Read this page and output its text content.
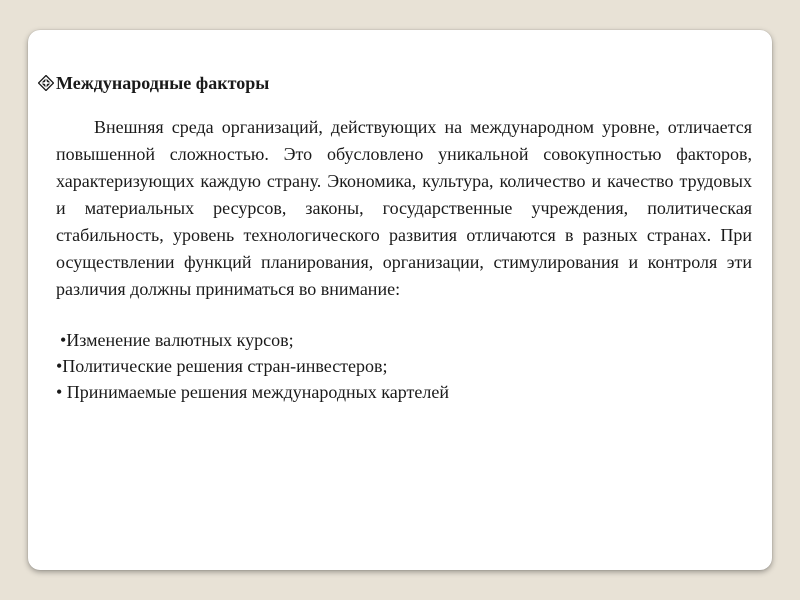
Международные факторы

Внешняя среда организаций, действующих на международном уровне, отличается повышенной сложностью. Это обусловлено уникальной совокупностью факторов, характеризующих каждую страну. Экономика, культура, количество и качество трудовых и материальных ресурсов, законы, государственные учреждения, политическая стабильность, уровень технологического развития отличаются в разных странах. При осуществлении функций планирования, организации, стимулирования и контроля эти различия должны приниматься во внимание:

•Изменение валютных курсов;
•Политические решения стран-инвестеров;
• Принимаемые решения международных картелей
